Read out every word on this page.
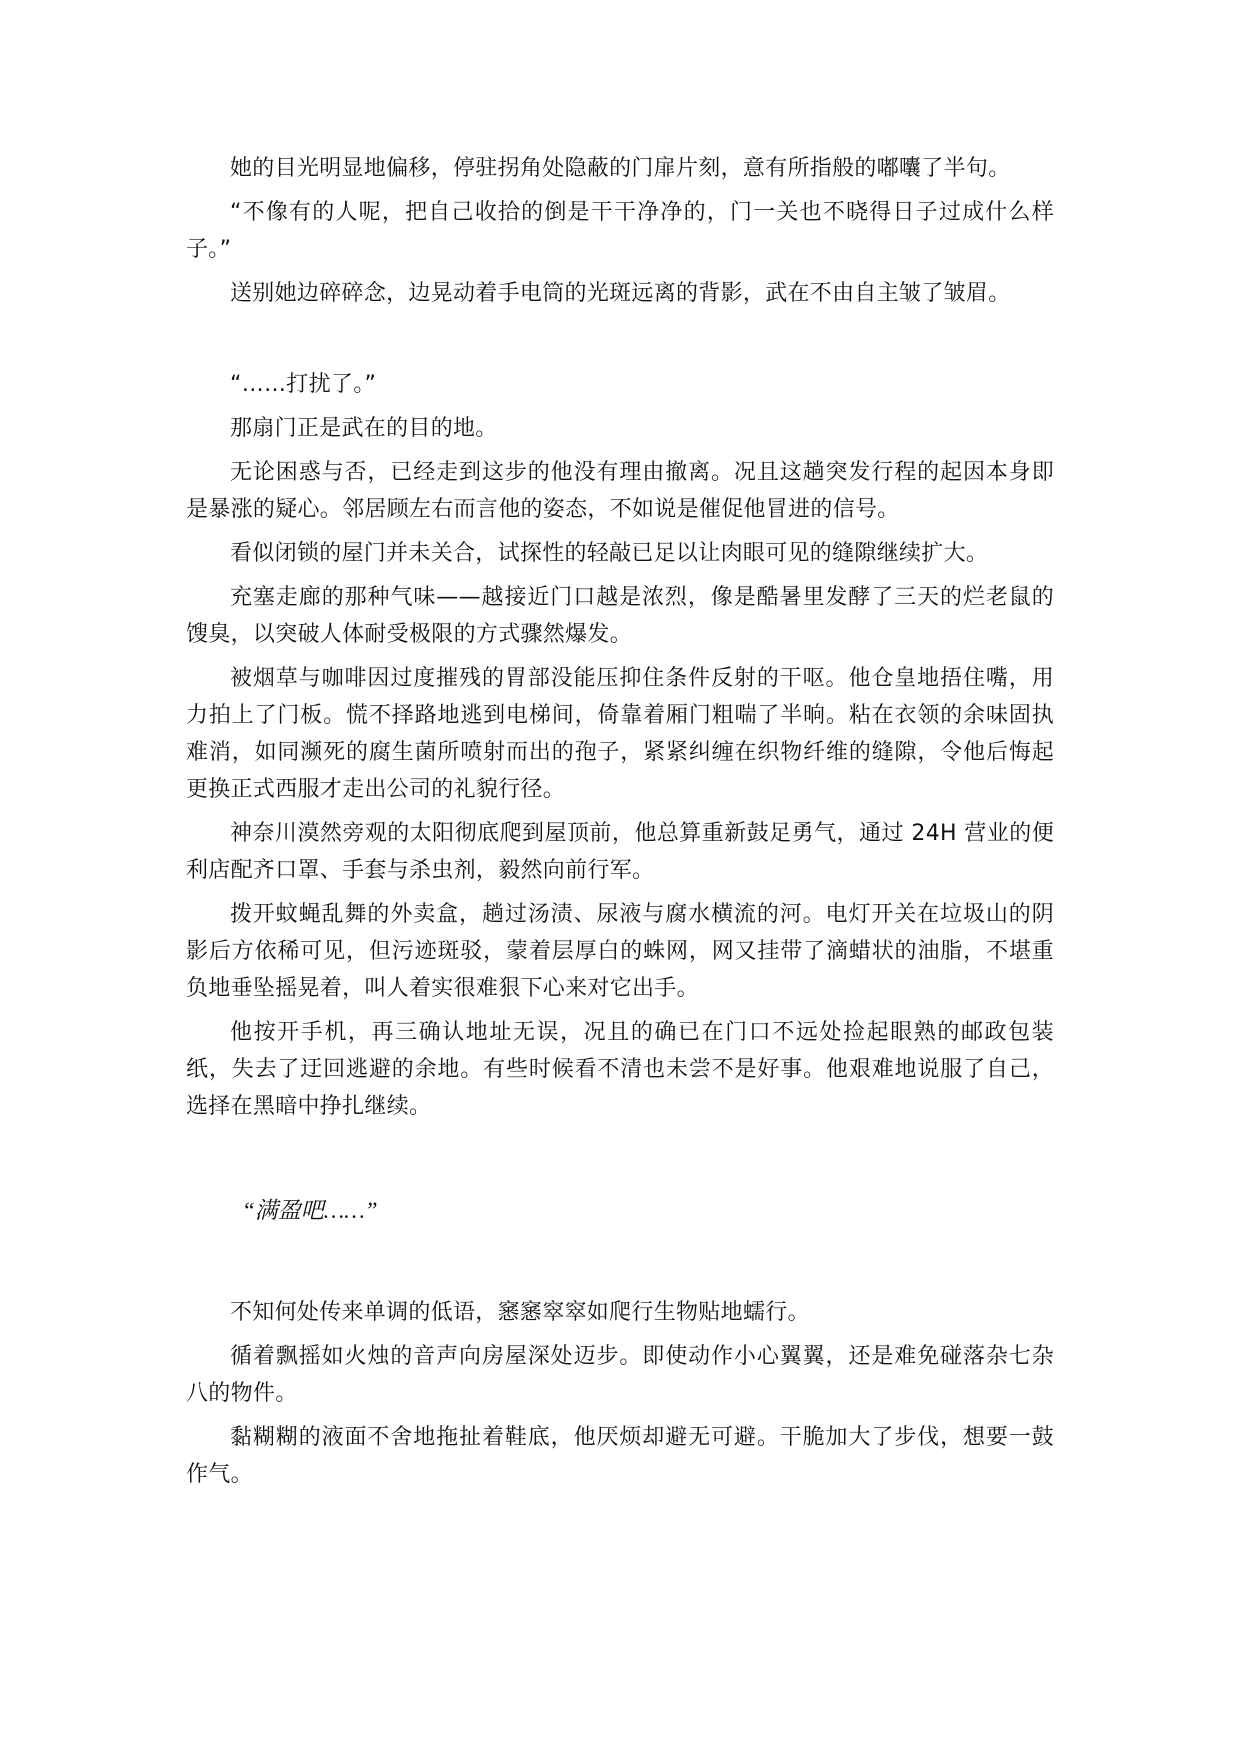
她的目光明显地偏移，停驻拐角处隐蔽的门扉片刻，意有所指般的嘟囔了半句。

“不像有的人呢，把自己收拾的倒是干干净净的，门一关也不晓得日子过成什么样子。”

送别她边碎碎念，边晃动着手电筒的光斑远离的背影，武在不由自主皱了皱眉。

“……打扰了。”

那扇门正是武在的目的地。

无论困惑与否，已经走到这步的他没有理由撤离。况且这趟突发行程的起因本身即是暴涨的疑心。邻居顾左右而言他的姿态，不如说是催促他冒进的信号。

看似闭锁的屋门并未关合，试探性的轻敲已足以让肉眼可见的缝隙继续扩大。

充塞走廊的那种气味——越接近门口越是浓烈，像是酷暑里发酵了三天的烂老鼠的馊臭，以突破人体耐受极限的方式骤然爆发。

被烟草与咖啡因过度摧残的胃部没能压抑住条件反射的干呕。他仓皇地捂住嘴，用力拍上了门板。慌不择路地逃到电梯间，倚靠着厢门粗喘了半晌。粘在衣领的余味固执难消，如同濒死的腐生菌所喷射而出的孢子，紧紧纠缠在织物纤维的缝隙，令他后悔起更换正式西服才走出公司的礼貌行径。

神奈川漠然旁观的太阳彻底爬到屋顶前，他总算重新鼓足勇气，通过 24H 营业的便利店配齐口罩、手套与杀虫剂，毅然向前行军。

拨开蚊蝇乱舞的外卖盒，趟过汤渍、尿液与腐水横流的河。电灯开关在垃圾山的阴影后方依稀可见，但污迹斑驳，蒙着层厚白的蛛网，网又挂带了滴蜡状的油脂，不堪重负地垂坠摇晃着，叫人着实很难狠下心来对它出手。

他按开手机，再三确认地址无误，况且的确已在门口不远处捡起眼熟的邮政包装纸，失去了迂回逃避的余地。有些时候看不清也未尝不是好事。他艰难地说服了自己，选择在黑暗中挣扎继续。

“满盈吧……”

不知何处传来单调的低语，窸窸窣窣如爬行生物贴地蠕行。

循着飘摇如火烛的音声向房屋深处迈步。即使动作小心翼翼，还是难免碰落杂七杂八的物件。

黏糊糊的液面不舍地拖扯着鞋底，他厌烦却避无可避。干脆加大了步伐，想要一鼓作气。
